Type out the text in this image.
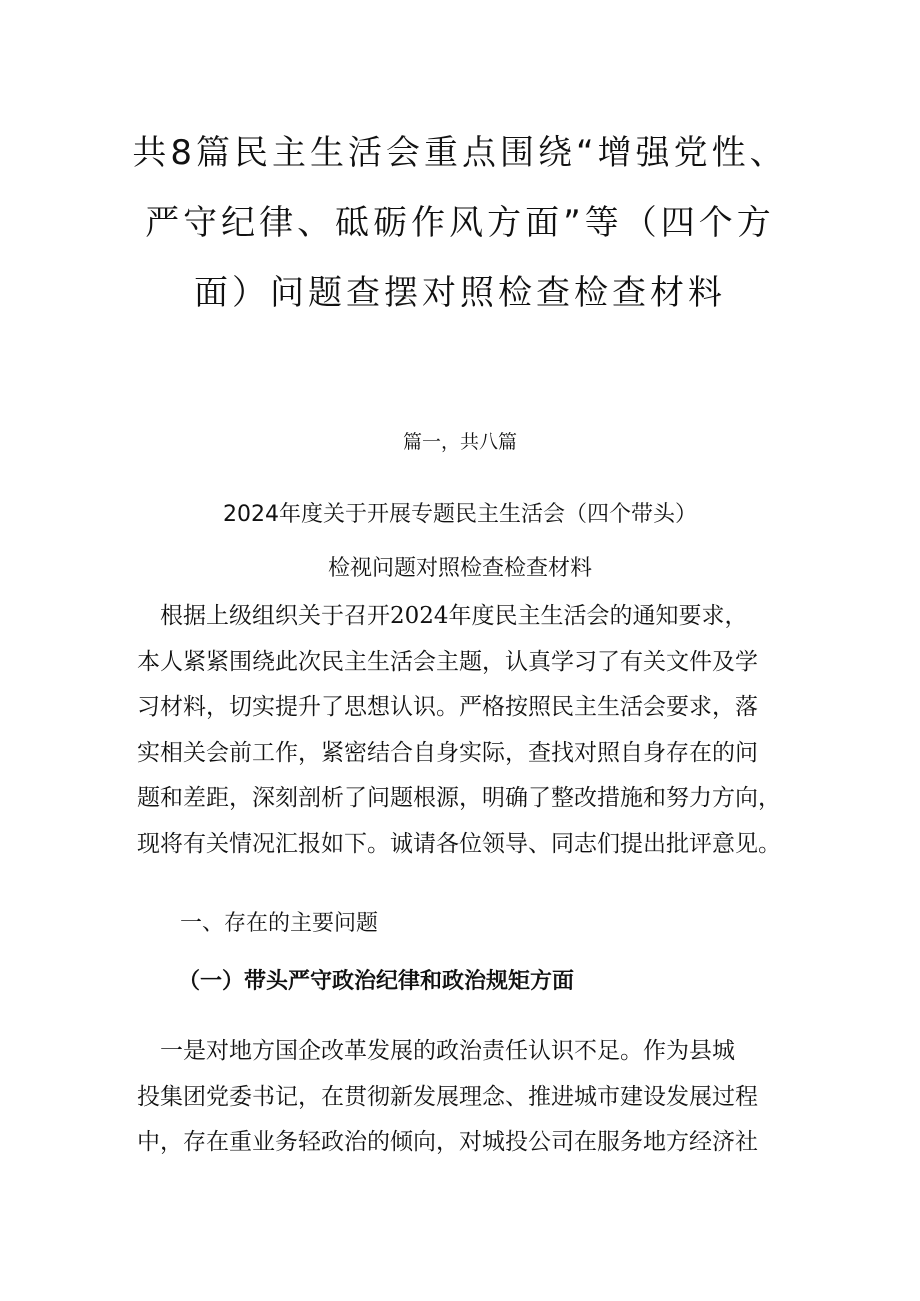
共8篇民主生活会重点围绕“增强党性、
严守纪律、砥砺作风方面”等（四个方
面）问题查摆对照检查检查材料

篇一，共八篇

2024年度关于开展专题民主生活会（四个带头）
检视问题对照检查检查材料

　根据上级组织关于召开2024年度民主生活会的通知要求，
本人紧紧围绕此次民主生活会主题，认真学习了有关文件及学
习材料，切实提升了思想认识。严格按照民主生活会要求，落
实相关会前工作，紧密结合自身实际，查找对照自身存在的问
题和差距，深刻剖析了问题根源，明确了整改措施和努力方向，
现将有关情况汇报如下。诚请各位领导、同志们提出批评意见。

一、存在的主要问题
（一）带头严守政治纪律和政治规矩方面

　一是对地方国企改革发展的政治责任认识不足。作为县城
投集团党委书记，在贯彻新发展理念、推进城市建设发展过程
中，存在重业务轻政治的倾向，对城投公司在服务地方经济社
